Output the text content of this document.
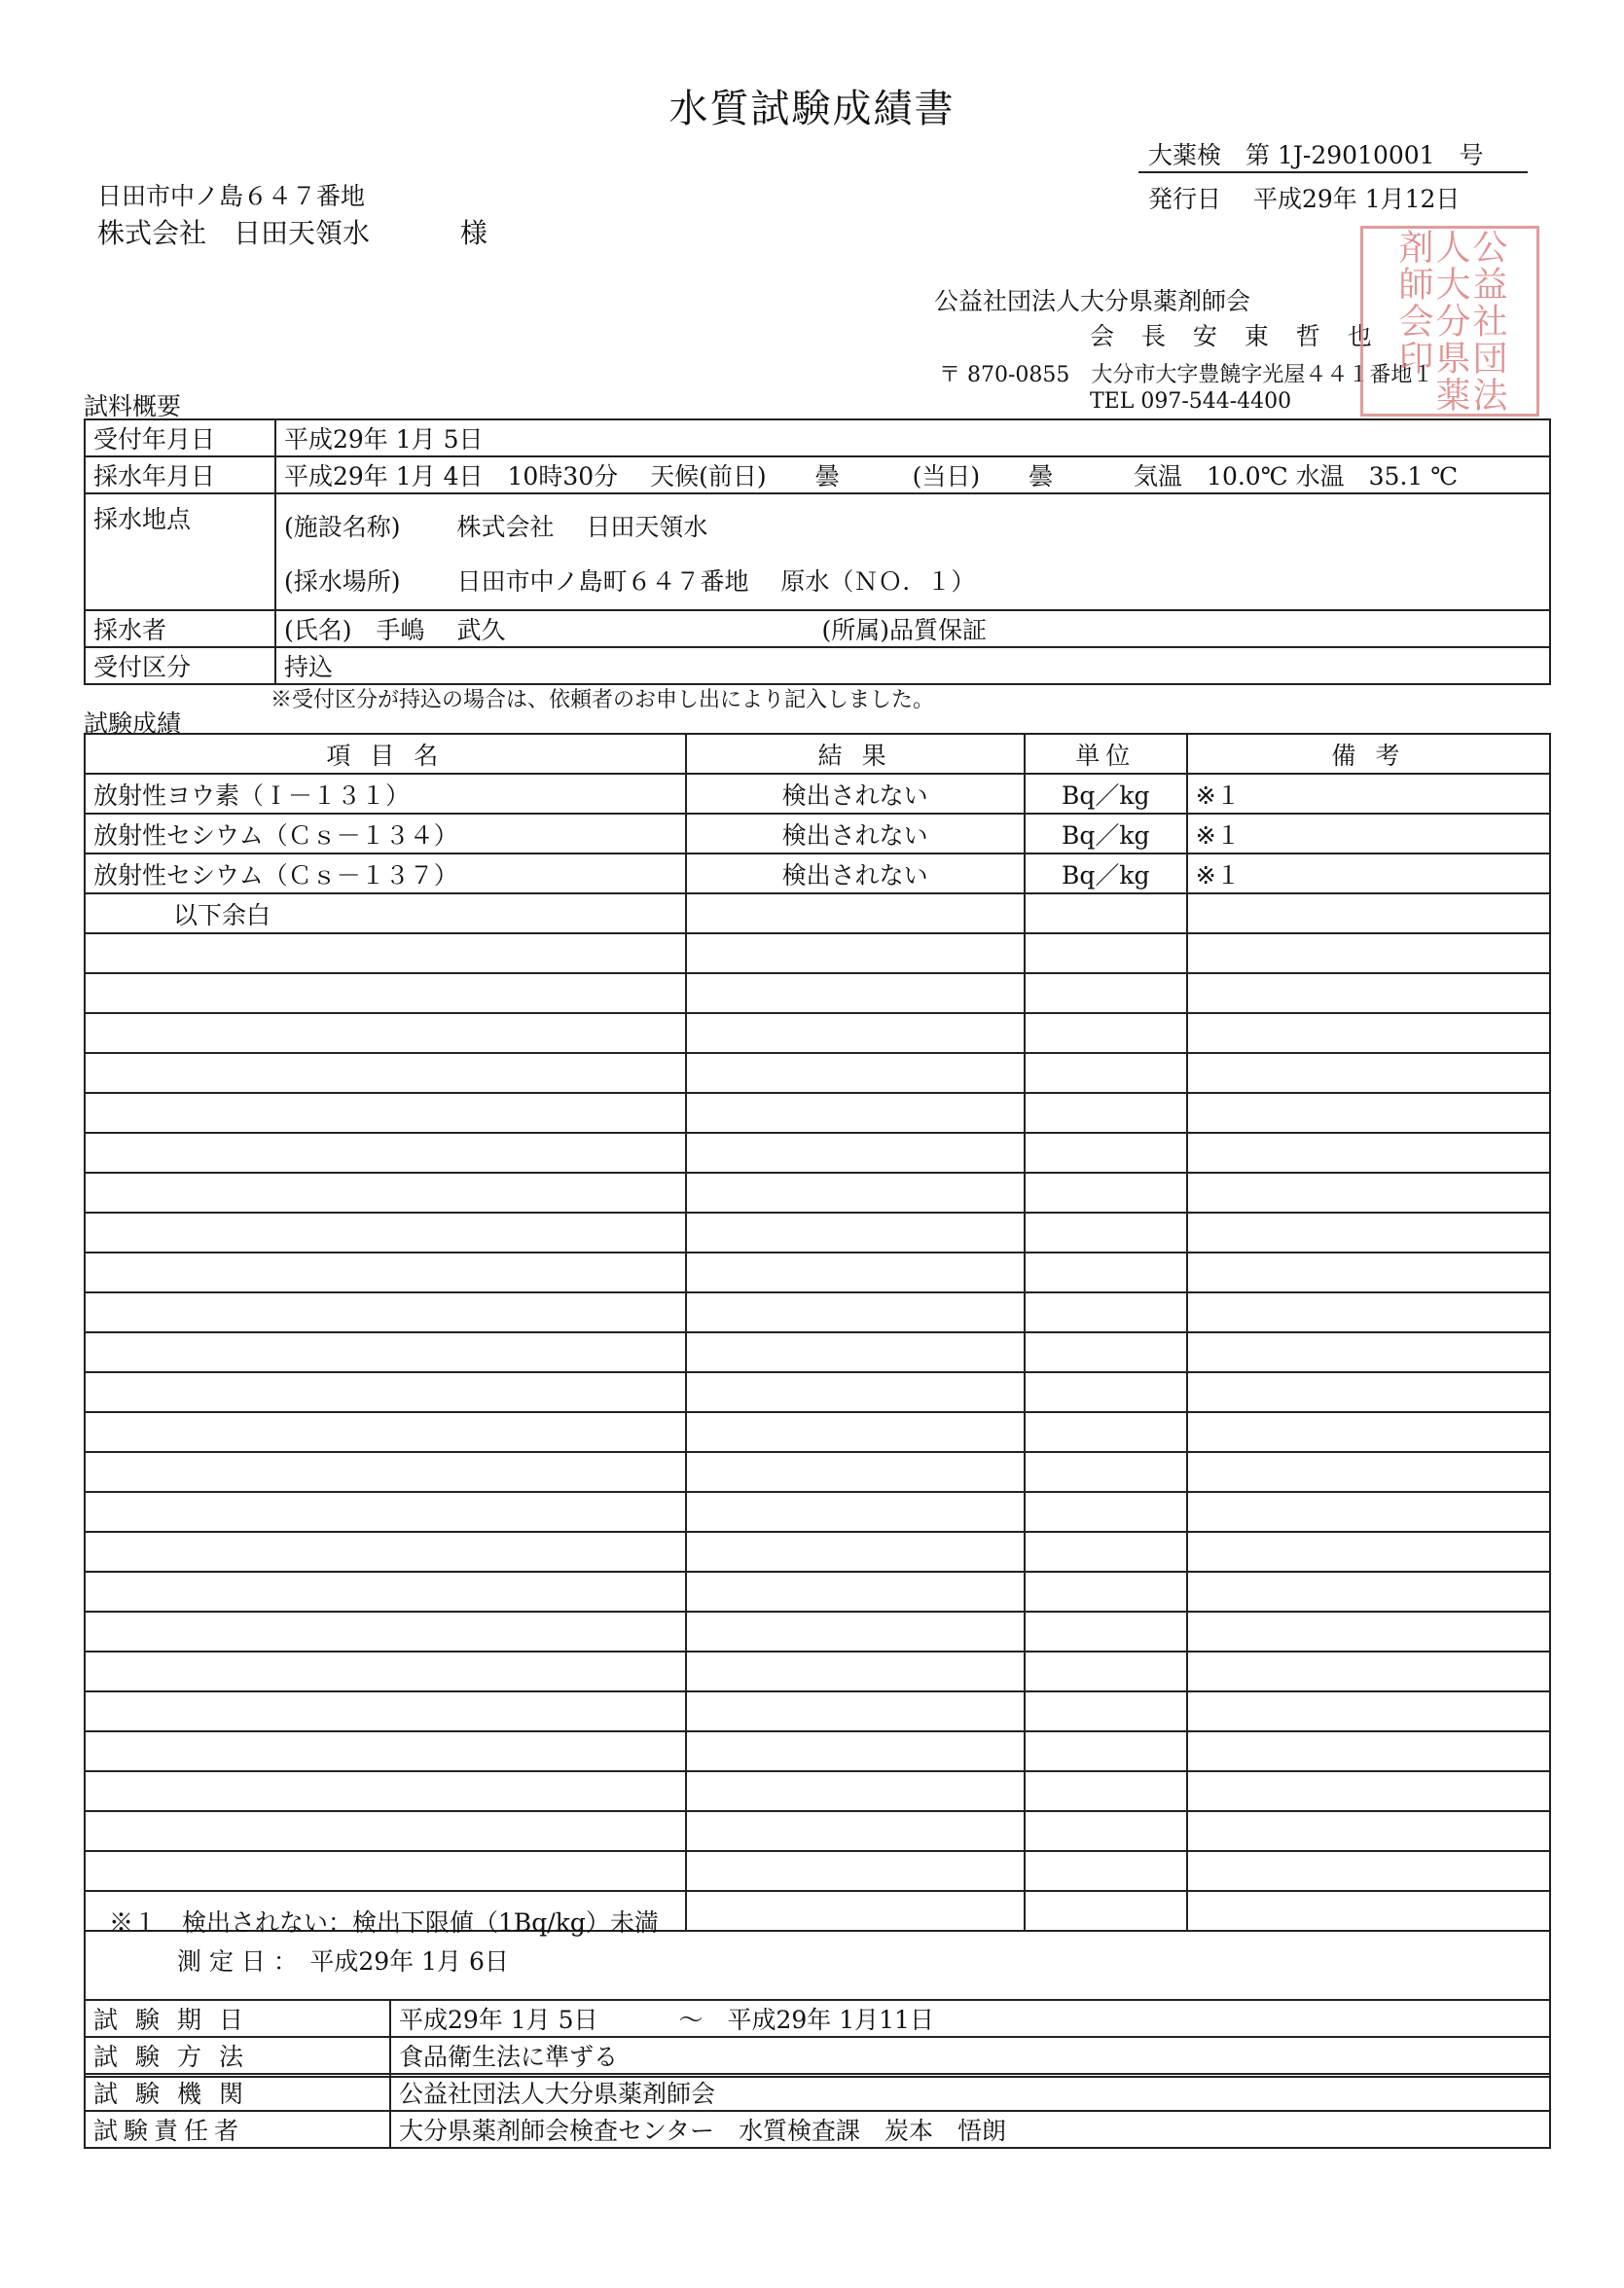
水質試験成績書
大薬検　第 1J-29010001　号
発行日　 平成29年 1月12日
日田市中ノ島６４７番地
株式会社　日田天領水　　　 様
公益社団法人大分県薬剤師会
会 長 安 東 哲 也
〒 870-0855　大分市大字豊饒字光屋４４１番地１
TEL 097-544-4400	公益社団法人大分県薬剤師会印
試料概要
受付年月日	平成29年 1月 5日
採水年月日	平成29年 1月 4日　10時30分　 天候(前日)　　曇　　　(当日)　　曇　　　 気温　10.0℃ 水温　35.1 ℃
採水地点	(施設名称)　　 株式会社　 日田天領水
(採水場所)　　 日田市中ノ島町６４７番地　 原水（ＮＯ．１）

採水者	(氏名)　手嶋　 武久　　　　　　　　　　　　　(所属)品質保証
受付区分	持込
※受付区分が持込の場合は、依頼者のお申し出により記入しました。
試験成績
項 目 名	結 果	単位	備 考
放射性ヨウ素（Ｉ－１３１）	検出されない	Bq／kg	※１
放射性セシウム（Ｃｓ－１３４）	検出されない	Bq／kg	※１
放射性セシウム（Ｃｓ－１３７）	検出されない	Bq／kg	※１
以下余白			

※１　検出されない：検出下限値（1Bq/kg）未満
測 定 日 ：　平成29年 1月 6日
試験期日	平成29年 1月 5日　　　 ～　平成29年 1月11日
試験方法	食品衛生法に準ずる
試験機関	公益社団法人大分県薬剤師会
試験責任者	大分県薬剤師会検査センター　水質検査課　炭本　悟朗
